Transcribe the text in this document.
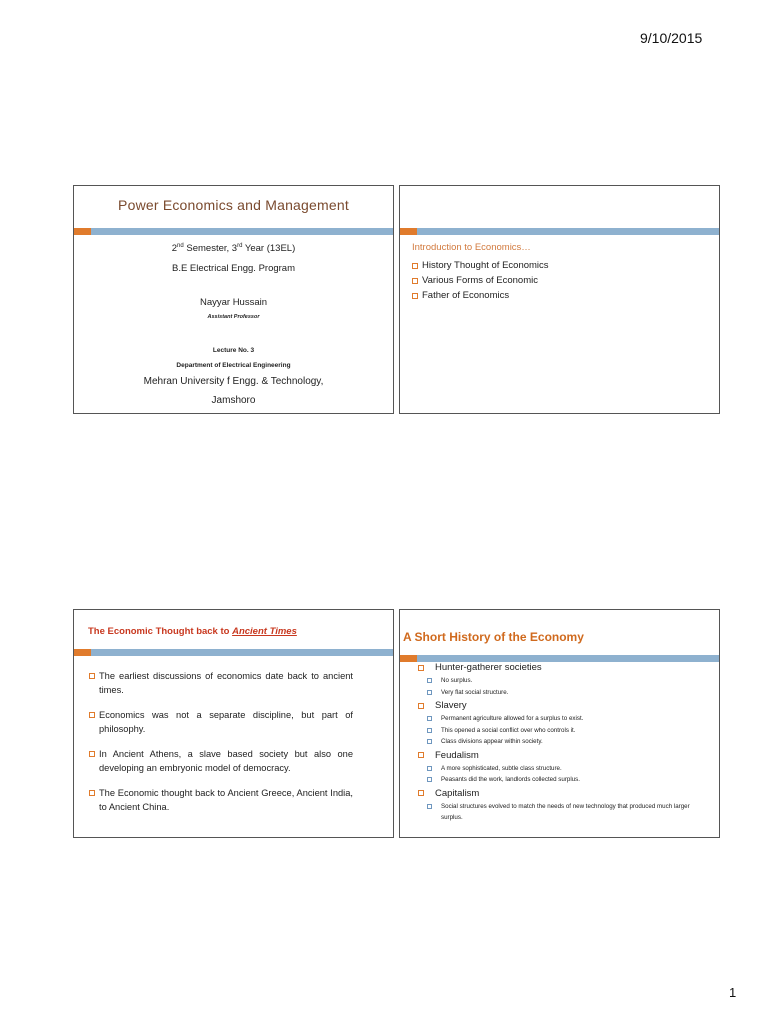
9/10/2015
Power Economics and Management
2nd Semester, 3rd Year (13EL)
B.E Electrical Engg. Program
Nayyar Hussain
Assistant Professor
Lecture No. 3
Department of Electrical Engineering
Mehran University f Engg. & Technology,
Jamshoro
Introduction to Economics…
History Thought of Economics
Various Forms of Economic
Father of Economics
The Economic Thought back to Ancient Times
The earliest discussions of economics date back to ancient times.
Economics was not a separate discipline, but part of philosophy.
In Ancient Athens, a slave based society but also one developing an embryonic model of democracy.
The Economic thought back to Ancient Greece, Ancient India, to Ancient China.
A Short History of the Economy
Hunter-gatherer societies
No surplus.
Very flat social structure.
Slavery
Permanent agriculture allowed for a surplus to exist.
This opened a social conflict over who controls it.
Class divisions appear within society.
Feudalism
A more sophisticated, subtle class structure.
Peasants did the work, landlords collected surplus.
Capitalism
Social structures evolved to match the needs of new technology that produced much larger surplus.
1
